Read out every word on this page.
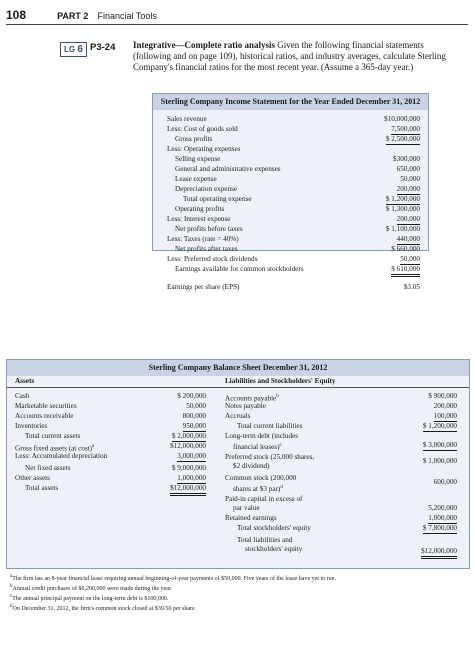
108	PART 2 Financial Tools
LG 6 P3-24 Integrative—Complete ratio analysis Given the following financial statements (following and on page 109), historical ratios, and industry averages, calculate Sterling Company's financial ratios for the most recent year. (Assume a 365-day year.)
Sterling Company Income Statement for the Year Ended December 31, 2012
Sales revenue	$10,000,000
Less: Cost of goods sold	7,500,000
Gross profits	$ 2,500,000
Less: Operating expenses
Selling expense	$300,000
General and administrative expenses	650,000
Lease expense	50,000
Depreciation expense	200,000
Total operating expense	$ 1,200,000
Operating profits	$ 1,300,000
Less: Interest expense	200,000
Net profits before taxes	$ 1,100,000
Less: Taxes (rate = 40%)	440,000
Net profits after taxes	$ 660,000
Less: Preferred stock dividends	50,000
Earnings available for common stockholders	$ 610,000
Earnings per share (EPS)	$3.05
Sterling Company Balance Sheet December 31, 2012
Assets	Liabilities and Stockholders' Equity
Cash	$ 200,000
Marketable securities	50,000
Accounts receivable	800,000
Inventories	950,000
Total current assets	$ 2,000,000
Gross fixed assets (at cost)$^a$	$12,000,000
Less: Accumulated depreciation	3,000,000
Net fixed assets	$ 9,000,000
Other assets	1,000,000
Total assets	$12,000,000
Accounts payable$^b$	$ 900,000
Notes payable	200,000
Accruals	100,000
Total current liabilities	$ 1,200,000
Long-term debt (includes
financial leases)$^c$	$ 3,000,000
Preferred stock (25,000 shares,
$2 dividend)
$ 1,000,000
Common stock (200,000
shares at $3 par)$^d$
600,000
Paid-in capital in excess of
par value	5,200,000
Retained earnings	1,000,000
Total stockholders' equity	$ 7,800,000
Total liabilities and
stockholders' equity	$12,000,000
$^a$The firm has an 8-year financial lease requiring annual beginning-of-year payments of $50,000. Five years of the lease have yet to run.
$^b$Annual credit purchases of $6,200,000 were made during the year.
$^c$The annual principal payment on the long-term debt is $100,000.
$^d$On December 31, 2012, the firm's common stock closed at $39.50 per share.
